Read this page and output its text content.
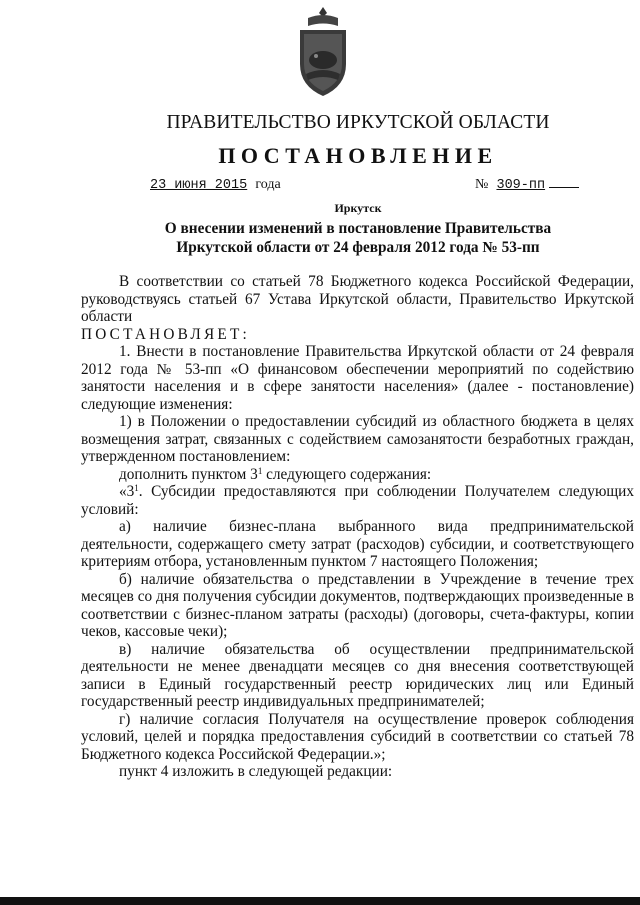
ПРАВИТЕЛЬСТВО ИРКУТСКОЙ ОБЛАСТИ
ПОСТАНОВЛЕНИЕ
23 июня 2015 года	№ 309-пп
Иркутск
О внесении изменений в постановление Правительства
Иркутской области от 24 февраля 2012 года № 53-пп

В соответствии со статьей 78 Бюджетного кодекса Российской Федерации, руководствуясь статьей 67 Устава Иркутской области, Правительство Иркутской области

ПОСТАНОВЛЯЕТ:

1. Внести в постановление Правительства Иркутской области от 24 февраля 2012 года № 53-пп «О финансовом обеспечении мероприятий по содействию занятости населения и в сфере занятости населения» (далее - постановление) следующие изменения:

1) в Положении о предоставлении субсидий из областного бюджета в целях возмещения затрат, связанных с содействием самозанятости безработных граждан, утвержденном постановлением:

дополнить пунктом $3^1$ следующего содержания:

«$3^1$. Субсидии предоставляются при соблюдении Получателем следующих условий:

а) наличие бизнес-плана выбранного вида предпринимательской деятельности, содержащего смету затрат (расходов) субсидии, и соответствующего критериям отбора, установленным пунктом 7 настоящего Положения;

б) наличие обязательства о представлении в Учреждение в течение трех месяцев со дня получения субсидии документов, подтверждающих произведенные в соответствии с бизнес-планом затраты (расходы) (договоры, счета-фактуры, копии чеков, кассовые чеки);

в) наличие обязательства об осуществлении предпринимательской деятельности не менее двенадцати месяцев со дня внесения соответствующей записи в Единый государственный реестр юридических лиц или Единый государственный реестр индивидуальных предпринимателей;

г) наличие согласия Получателя на осуществление проверок соблюдения условий, целей и порядка предоставления субсидий в соответствии со статьей 78 Бюджетного кодекса Российской Федерации.»;

пункт 4 изложить в следующей редакции:
